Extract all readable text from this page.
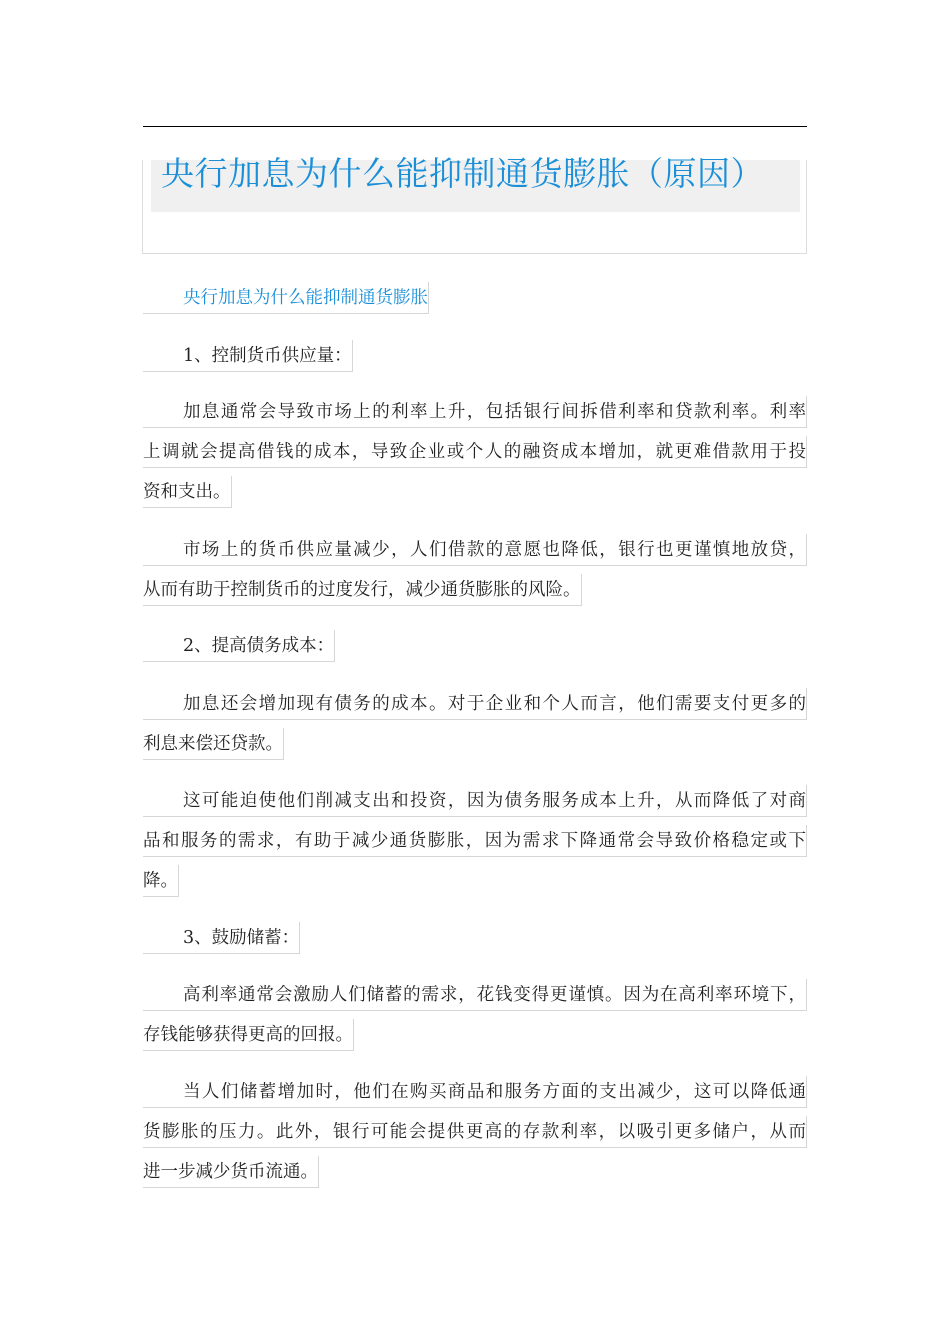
央行加息为什么能抑制通货膨胀（原因）
央行加息为什么能抑制通货膨胀
1、控制货币供应量：
加息通常会导致市场上的利率上升，包括银行间拆借利率和贷款利率。利率
上调就会提高借钱的成本，导致企业或个人的融资成本增加，就更难借款用于投
资和支出。
市场上的货币供应量减少，人们借款的意愿也降低，银行也更谨慎地放贷，
从而有助于控制货币的过度发行，减少通货膨胀的风险。
2、提高债务成本：
加息还会增加现有债务的成本。对于企业和个人而言，他们需要支付更多的
利息来偿还贷款。
这可能迫使他们削减支出和投资，因为债务服务成本上升，从而降低了对商
品和服务的需求，有助于减少通货膨胀，因为需求下降通常会导致价格稳定或下
降。
3、鼓励储蓄：
高利率通常会激励人们储蓄的需求，花钱变得更谨慎。因为在高利率环境下，
存钱能够获得更高的回报。
当人们储蓄增加时，他们在购买商品和服务方面的支出减少，这可以降低通
货膨胀的压力。此外，银行可能会提供更高的存款利率，以吸引更多储户，从而
进一步减少货币流通。
